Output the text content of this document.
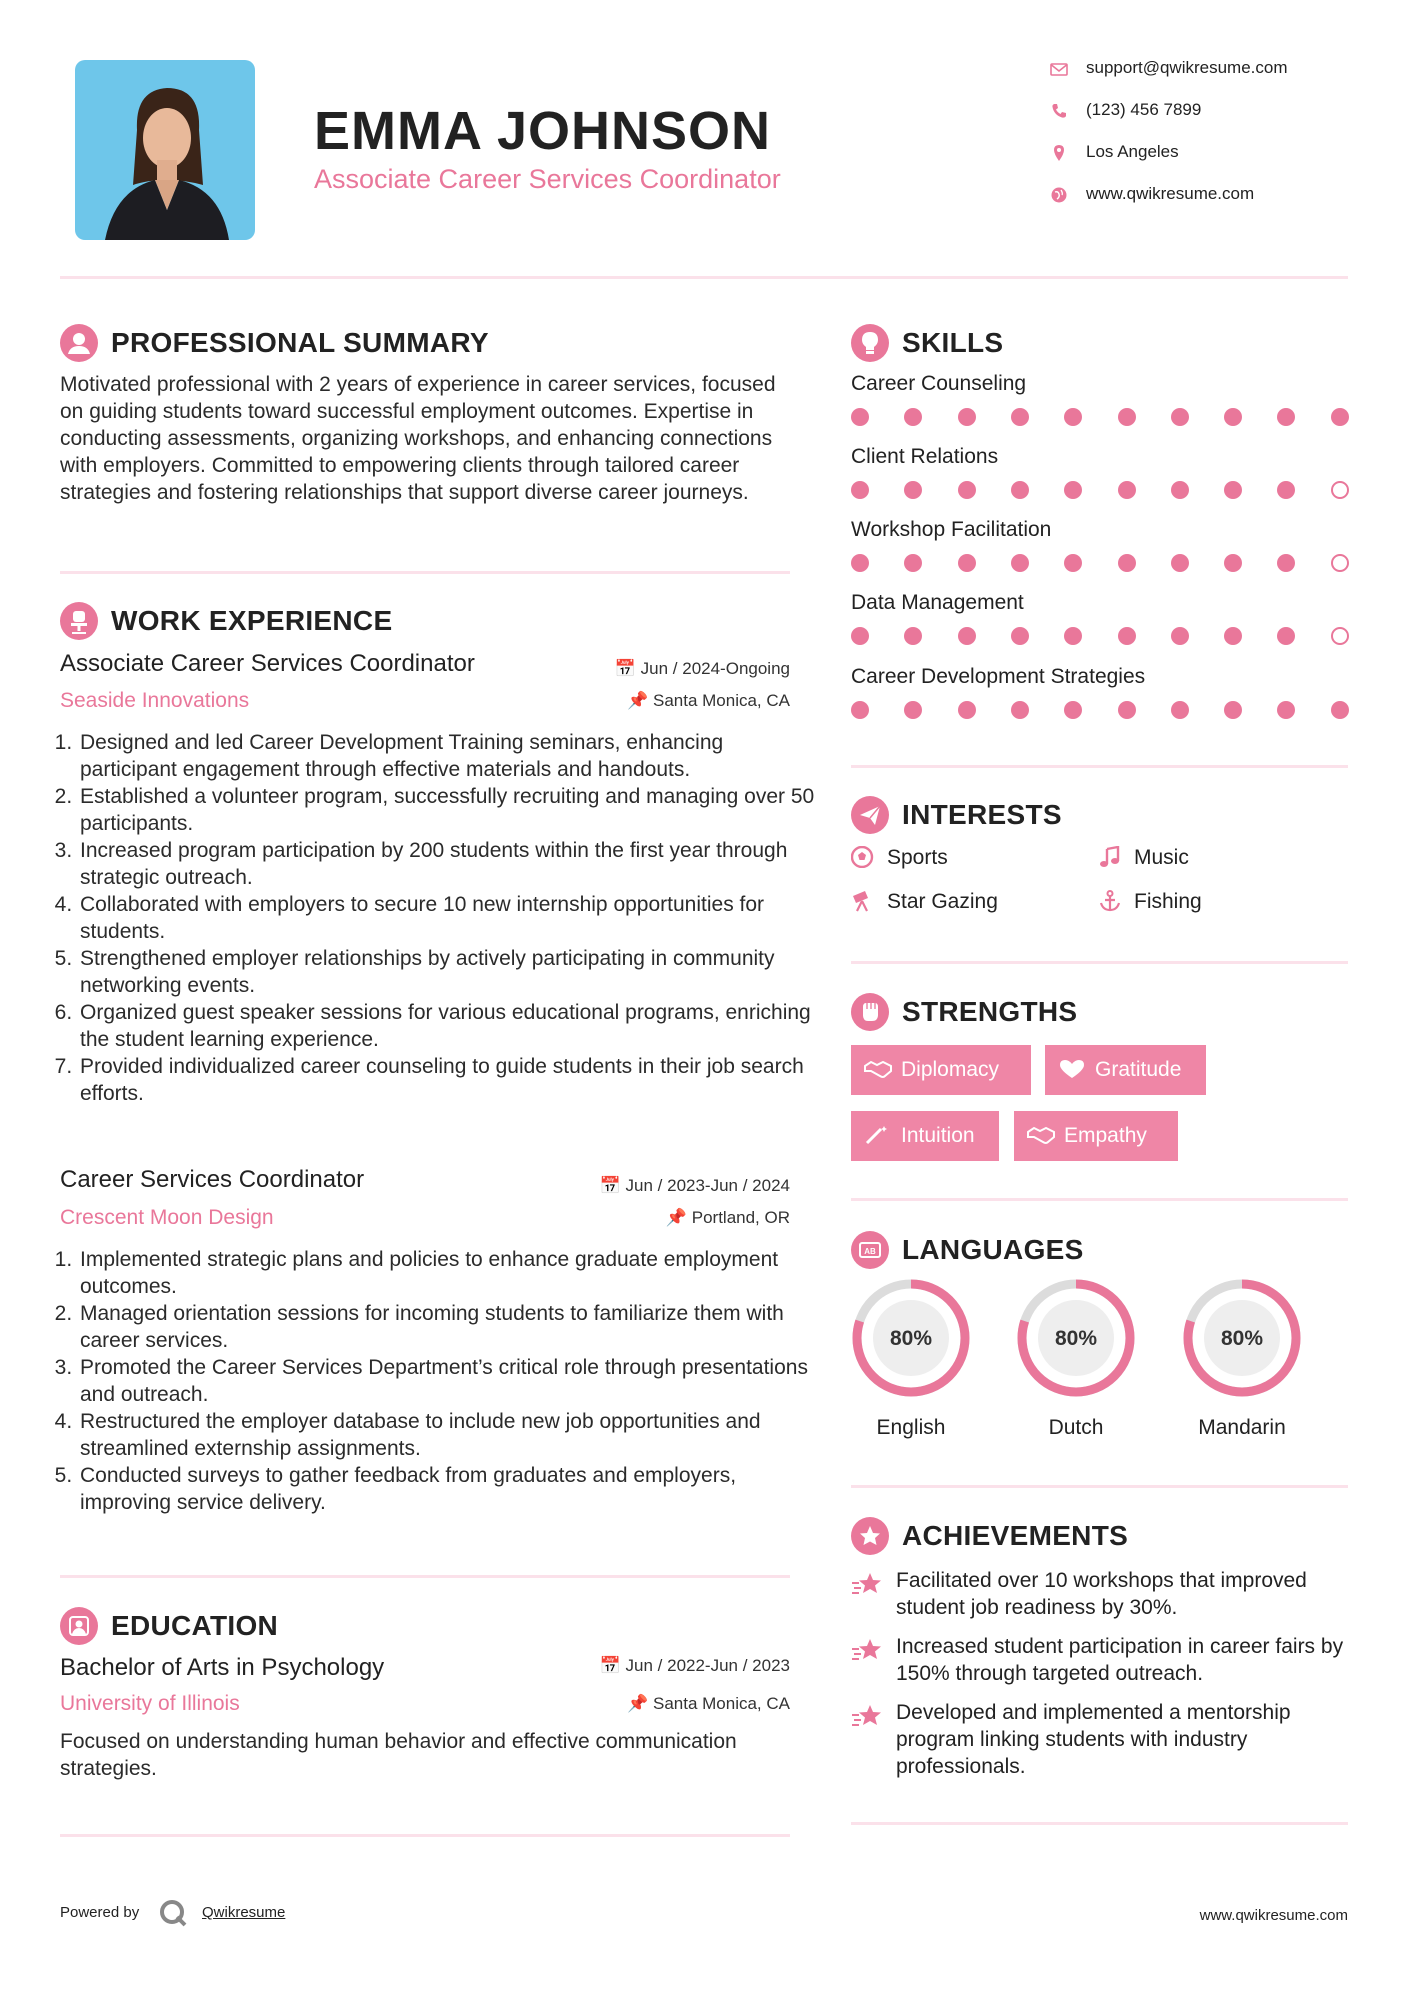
EMMA JOHNSON
Associate Career Services Coordinator
support@qwikresume.com
(123) 456 7899
Los Angeles
www.qwikresume.com
PROFESSIONAL SUMMARY
Motivated professional with 2 years of experience in career services, focused on guiding students toward successful employment outcomes. Expertise in conducting assessments, organizing workshops, and enhancing connections with employers. Committed to empowering clients through tailored career strategies and fostering relationships that support diverse career journeys.
WORK EXPERIENCE
Associate Career Services Coordinator	📅 Jun / 2024-Ongoing
Seaside Innovations	📌 Santa Monica, CA
1. Designed and led Career Development Training seminars, enhancing participant engagement through effective materials and handouts.
2. Established a volunteer program, successfully recruiting and managing over 50 participants.
3. Increased program participation by 200 students within the first year through strategic outreach.
4. Collaborated with employers to secure 10 new internship opportunities for students.
5. Strengthened employer relationships by actively participating in community networking events.
6. Organized guest speaker sessions for various educational programs, enriching the student learning experience.
7. Provided individualized career counseling to guide students in their job search efforts.
Career Services Coordinator	📅 Jun / 2023-Jun / 2024
Crescent Moon Design	📌 Portland, OR
1. Implemented strategic plans and policies to enhance graduate employment outcomes.
2. Managed orientation sessions for incoming students to familiarize them with career services.
3. Promoted the Career Services Department’s critical role through presentations and outreach.
4. Restructured the employer database to include new job opportunities and streamlined externship assignments.
5. Conducted surveys to gather feedback from graduates and employers, improving service delivery.
EDUCATION
Bachelor of Arts in Psychology	📅 Jun / 2022-Jun / 2023
University of Illinois	📌 Santa Monica, CA
Focused on understanding human behavior and effective communication strategies.
SKILLS
Career Counseling
Client Relations
Workshop Facilitation
Data Management
Career Development Strategies
INTERESTS
Sports	Music
Star Gazing	Fishing
STRENGTHS
Diplomacy	Gratitude
Intuition	Empathy
AB LANGUAGES
80%
English
80%
Dutch
80%
Mandarin
ACHIEVEMENTS
Facilitated over 10 workshops that improved student job readiness by 30%.
Increased student participation in career fairs by 150% through targeted outreach.
Developed and implemented a mentorship program linking students with industry professionals.
Powered by	Qwikresume	www.qwikresume.com
